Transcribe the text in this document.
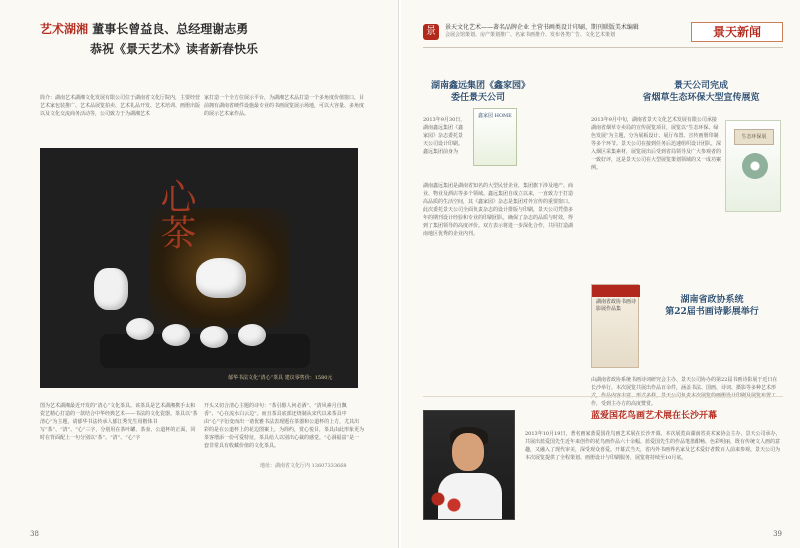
艺术湖湘 董事长曾益良、总经理谢志勇
恭祝《景天艺术》读者新春快乐

简介：湖南艺术湖湘文化发展有限公司位于湖南省文化厅院内，主要经营艺术家包装推广、艺术品展览拍卖、艺术礼品开发、艺术培训、画册出版以及文化交流商务活动等，公司致力于为湖湘艺术

家打造一个全方位展示平台，为湖湘艺术品打造一个多角度价值窗口，目前拥有湖南省硬件设施最专业的书画展览展示场地，可以大容量、多角度的展示艺术家作品。

心茶
郁华书法文化“清心”茶具 建议零售价：1580元

图为艺术湖湘最近开发的“清心”文化茶具。该茶具是艺术湖湘携手太和瓷艺精心打造的一款结合中华经典艺术——书法的文化瓷器。茶具以“茶清心”为主题，请郁华书法传承人郁江秀先生用楷体书写“茶”、“清”、“心”三字，分别用在茶叶罐、茶壶、公道杯的正面，同时在背面配上一句分别以“茶”、“清”、“心”字

开头又切合清心主题的诗句：“茶引醇人何必酒”、“清风素月自飘香”、“心在流水白云边”。而且茶具底部还烧制从宋代以来茶具中由“心”字衍变而出一诸优雅书法表现题在茶器和公道杯的上方，尤其出彩的是在公道杯上的花边图案上，为简约，赏心悦目，茶具由此形象更为茶客增添一份可爱特征，茶具给人以别出心裁的感觉。“心洞福富”是一套非常具有收藏价值的文化茶具。

地址：湖南省文化厅内 13607333668
38
景	景天文化艺术——著名品牌企业 主营书画类设计印刷、期刊联版美术编辑
会展会馆策划、房产策划推广、名家书画推介、发布各类广告、文化艺术策划	景天新闻
湖南鑫远集团《鑫家园》
委任景天公司
鑫家园 HOME

2013年9月30日，湖南鑫远集团《鑫家园》杂志委托景天公司设计印刷。鑫远集团前身为

湖南鑫远集团是湖南省知名的大型民营企业，集团旗下涉及地产、商业、物业及酒店等多个领域。鑫远集团自成立以来，一直致力于打造高品质的生活空间，其《鑫家园》杂志是集团对外宣传的重要窗口。此次委托景天公司全面负责杂志的设计排版与印刷，景天公司凭借多年的期刊设计经验和专业的印刷团队，确保了杂志的品质与时效，得到了集团领导的高度评价。双方表示将进一步深化合作，共同打造湖南地区优秀的企业内刊。

景天公司完成
省烟草生态环保大型宣传展览
生态环保展

2013年9月中旬，湖南省景天文化艺术发展有限公司承接湖南省烟草专卖局的宣传展览项目，展览以“生态环保、绿色发展”为主题，分为展板设计、展厅布置、宣传画册印制等多个环节。景天公司在接到任务后迅速组织设计团队，深入烟区采集素材，展览展出后受到省局领导及广大参观者的一致好评，这是景天公司在大型展览策划领域的又一成功案例。

湖南省政协书画诗影展作品集
湖南省政协系统
第22届书画诗影展举行

由湖南省政协系统书画诗词研究会主办、景天公司协办的第22届书画诗影展于近日在长沙举行。本次展览共展出作品百余件，涵盖书法、国画、诗词、摄影等多种艺术形 作，受到主办方的高度赞赏。

蓝爱国花鸟画艺术展在长沙开幕

2013年10月19日，著名画家蓝爱国花鸟画艺术展在长沙开幕。本次展览由湖南省美术家协会主办，景天公司承办，共展出蓝爱国先生近年来创作的花鸟画作品六十余幅。蓝爱国先生的作品笔墨酣畅、色彩明丽，既有传统文人画的意趣，又融入了现代审美，深受观众喜爱。开幕式当天，省内外书画界名家及艺术爱好者数百人前来参观。景天公司为本次展览提供了全程策划、画册设计与印刷服务，展览将持续至10月底。

39
